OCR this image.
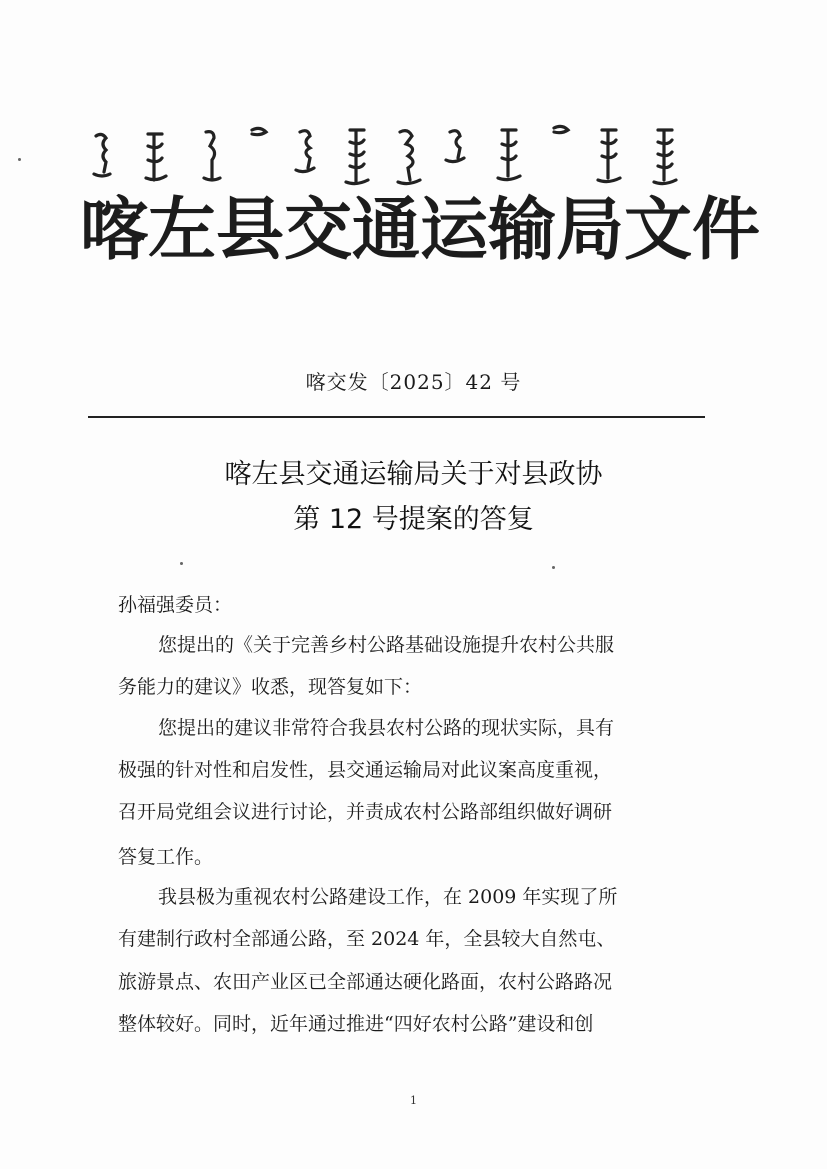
喀左县交通运输局文件
喀交发〔2025〕42 号
喀左县交通运输局关于对县政协
第 12 号提案的答复
孙福强委员：
您提出的《关于完善乡村公路基础设施提升农村公共服
务能力的建议》收悉，现答复如下：
您提出的建议非常符合我县农村公路的现状实际，具有
极强的针对性和启发性，县交通运输局对此议案高度重视，
召开局党组会议进行讨论，并责成农村公路部组织做好调研
答复工作。
我县极为重视农村公路建设工作，在 2009 年实现了所
有建制行政村全部通公路，至 2024 年，全县较大自然屯、
旅游景点、农田产业区已全部通达硬化路面，农村公路路况
整体较好。同时，近年通过推进“四好农村公路”建设和创
1
